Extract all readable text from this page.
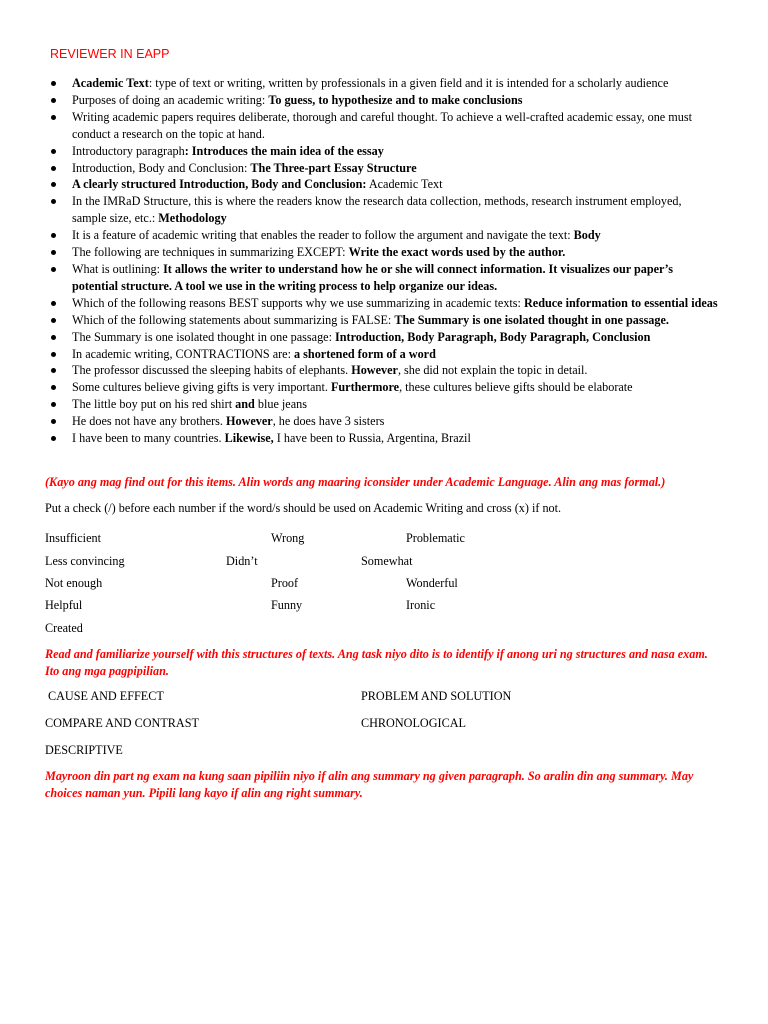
REVIEWER IN EAPP
Academic Text: type of text or writing, written by professionals in a given field and it is intended for a scholarly audience
Purposes of doing an academic writing: To guess, to hypothesize and to make conclusions
Writing academic papers requires deliberate, thorough and careful thought. To achieve a well-crafted academic essay, one must conduct a research on the topic at hand.
Introductory paragraph: Introduces the main idea of the essay
Introduction, Body and Conclusion: The Three-part Essay Structure
A clearly structured Introduction, Body and Conclusion: Academic Text
In the IMRaD Structure, this is where the readers know the research data collection, methods, research instrument employed, sample size, etc.: Methodology
It is a feature of academic writing that enables the reader to follow the argument and navigate the text: Body
The following are techniques in summarizing EXCEPT: Write the exact words used by the author.
What is outlining: It allows the writer to understand how he or she will connect information. It visualizes our paper’s potential structure. A tool we use in the writing process to help organize our ideas.
Which of the following reasons BEST supports why we use summarizing in academic texts: Reduce information to essential ideas
Which of the following statements about summarizing is FALSE: The Summary is one isolated thought in one passage.
The Summary is one isolated thought in one passage: Introduction, Body Paragraph, Body Paragraph, Conclusion
In academic writing, CONTRACTIONS are: a shortened form of a word
The professor discussed the sleeping habits of elephants. However, she did not explain the topic in detail.
Some cultures believe giving gifts is very important. Furthermore, these cultures believe gifts should be elaborate
The little boy put on his red shirt and blue jeans
He does not have any brothers. However, he does have 3 sisters
I have been to many countries. Likewise, I have been to Russia, Argentina, Brazil
(Kayo ang mag find out for this items. Alin words ang maaring iconsider under Academic Language. Alin ang mas formal.)
Put a check (/) before each number if the word/s should be used on Academic Writing and cross (x) if not.
Insufficient	Wrong	Problematic
Less convincing	Didn’t	Somewhat
Not enough	Proof	Wonderful
Helpful	Funny	Ironic
Created
Read and familiarize yourself with this structures of texts. Ang task niyo dito is to identify if anong uri ng structures and nasa exam. Ito ang mga pagpipilian.
CAUSE AND EFFECT	PROBLEM AND SOLUTION
COMPARE AND CONTRAST	CHRONOLOGICAL
DESCRIPTIVE
Mayroon din part ng exam na kung saan pipiliin niyo if alin ang summary ng given paragraph. So aralin din ang summary. May choices naman yun. Pipili lang kayo if alin ang right summary.
